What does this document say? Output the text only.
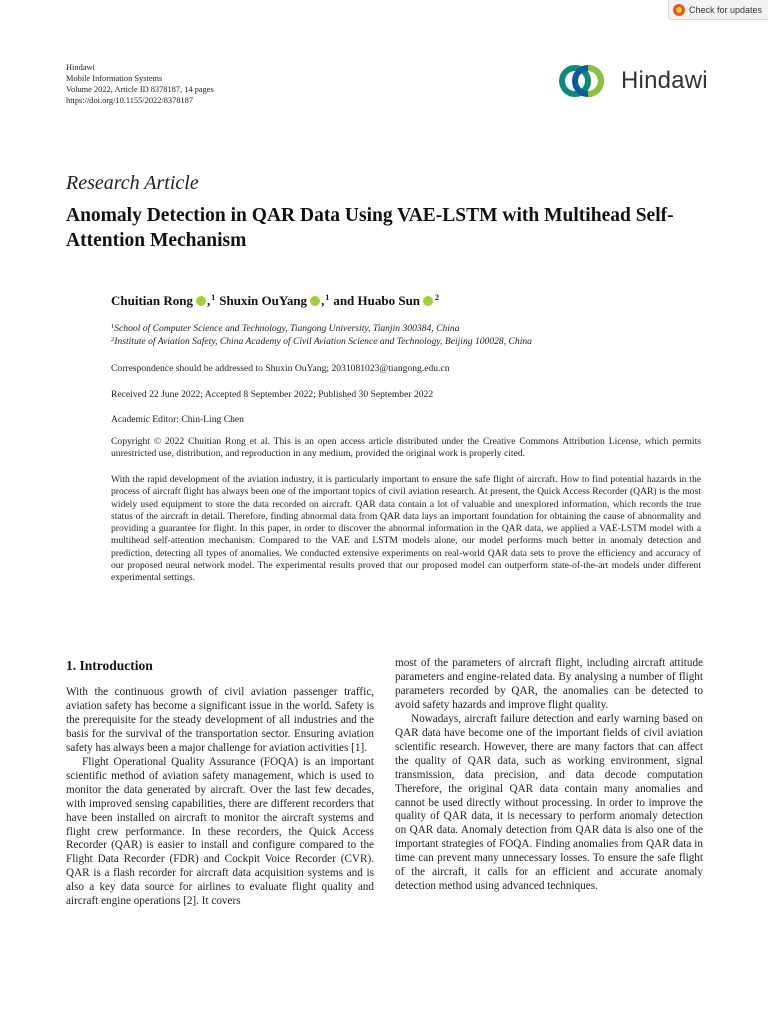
Check for updates
Hindawi
Mobile Information Systems
Volume 2022, Article ID 8378187, 14 pages
https://doi.org/10.1155/2022/8378187
Hindawi
Research Article
Anomaly Detection in QAR Data Using VAE-LSTM with Multihead Self-Attention Mechanism
Chuitian Rong , 1 Shuxin OuYang , 1 and Huabo Sun 2
$^1$School of Computer Science and Technology, Tiangong University, Tianjin 300384, China
$^2$Institute of Aviation Safety, China Academy of Civil Aviation Science and Technology, Beijing 100028, China
Correspondence should be addressed to Shuxin OuYang; 2031081023@tiangong.edu.cn
Received 22 June 2022; Accepted 8 September 2022; Published 30 September 2022
Academic Editor: Chin-Ling Chen
Copyright © 2022 Chuitian Rong et al. This is an open access article distributed under the Creative Commons Attribution License, which permits unrestricted use, distribution, and reproduction in any medium, provided the original work is properly cited.
With the rapid development of the aviation industry, it is particularly important to ensure the safe flight of aircraft. How to find potential hazards in the process of aircraft flight has always been one of the important topics of civil aviation research. At present, the Quick Access Recorder (QAR) is the most widely used equipment to store the data recorded on aircraft. QAR data contain a lot of valuable and unexplored information, which records the true status of the aircraft in detail. Therefore, finding abnormal data from QAR data lays an important foundation for obtaining the cause of abnormality and providing a guarantee for flight. In this paper, in order to discover the abnormal information in the QAR data, we applied a VAE-LSTM model with a multihead self-attention mechanism. Compared to the VAE and LSTM models alone, our model performs much better in anomaly detection and prediction, detecting all types of anomalies. We conducted extensive experiments on real-world QAR data sets to prove the efficiency and accuracy of our proposed neural network model. The experimental results proved that our proposed model can outperform state-of-the-art models under different experimental settings.
1. Introduction

With the continuous growth of civil aviation passenger traffic, aviation safety has become a significant issue in the world. Safety is the prerequisite for the steady development of all industries and the basis for the survival of the transportation sector. Ensuring aviation safety has always been a major challenge for aviation activities [1].

Flight Operational Quality Assurance (FOQA) is an important scientific method of aviation safety management, which is used to monitor the data generated by aircraft. Over the last few decades, with improved sensing capabilities, there are different recorders that have been installed on aircraft to monitor the aircraft systems and flight crew performance. In these recorders, the Quick Access Recorder (QAR) is easier to install and configure compared to the Flight Data Recorder (FDR) and Cockpit Voice Recorder (CVR). QAR is a flash recorder for aircraft data acquisition systems and is also a key data source for airlines to evaluate flight quality and aircraft engine operations [2]. It covers

most of the parameters of aircraft flight, including aircraft attitude parameters and engine-related data. By analysing a number of flight parameters recorded by QAR, the anomalies can be detected to avoid safety hazards and improve flight quality.

Nowadays, aircraft failure detection and early warning based on QAR data have become one of the important fields of civil aviation scientific research. However, there are many factors that can affect the quality of QAR data, such as working environment, signal transmission, data precision, and data decode computation Therefore, the original QAR data contain many anomalies and cannot be used directly without processing. In order to improve the quality of QAR data, it is necessary to perform anomaly detection on QAR data. Anomaly detection from QAR data is also one of the important strategies of FOQA. Finding anomalies from QAR data in time can prevent many unnecessary losses. To ensure the safe flight of the aircraft, it calls for an efficient and accurate anomaly detection method using advanced techniques.
